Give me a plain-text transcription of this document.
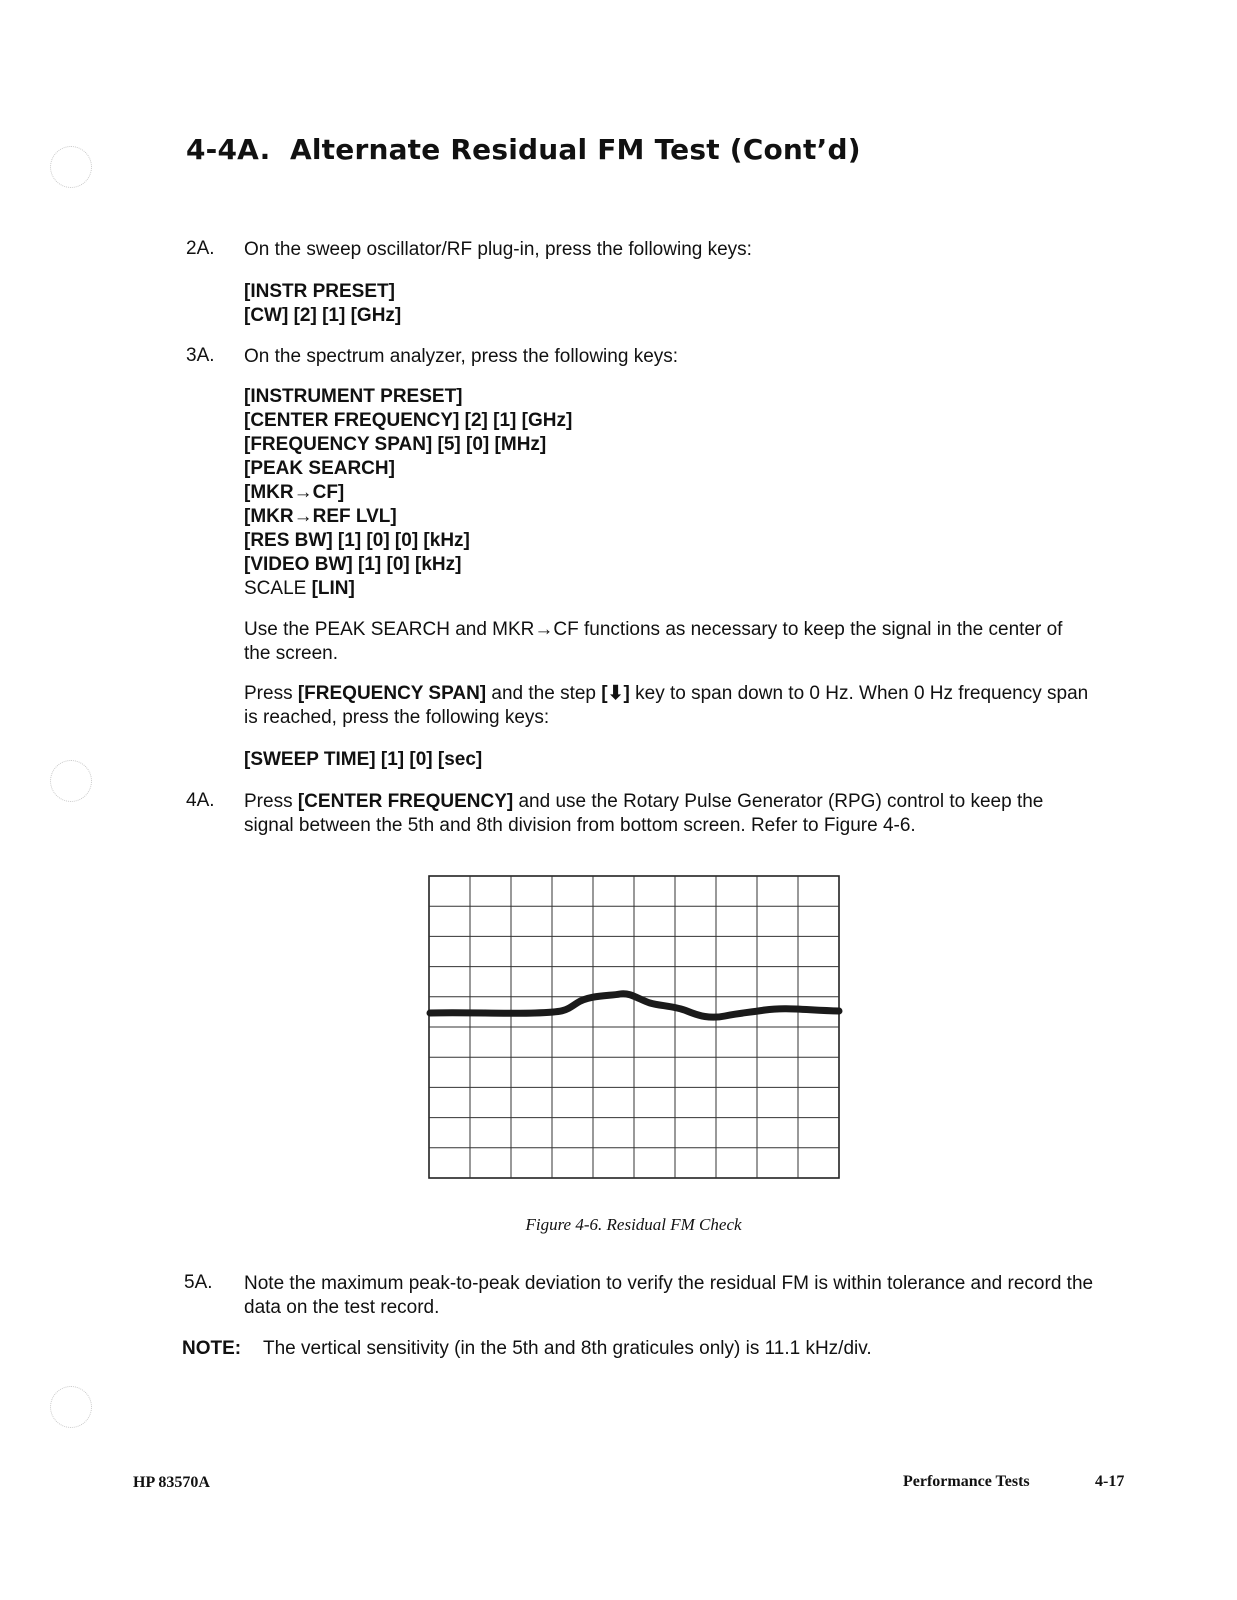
4-4A. Alternate Residual FM Test (Cont’d)
2A. On the sweep oscillator/RF plug-in, press the following keys:
[INSTR PRESET]
[CW] [2] [1] [GHz]
3A. On the spectrum analyzer, press the following keys:
[INSTRUMENT PRESET]
[CENTER FREQUENCY] [2] [1] [GHz]
[FREQUENCY SPAN] [5] [0] [MHz]
[PEAK SEARCH]
[MKR→CF]
[MKR→REF LVL]
[RES BW] [1] [0] [0] [kHz]
[VIDEO BW] [1] [0] [kHz]
SCALE [LIN]
Use the PEAK SEARCH and MKR→CF functions as necessary to keep the signal in the center of the screen.
Press [FREQUENCY SPAN] and the step [⬇] key to span down to 0 Hz. When 0 Hz frequency span is reached, press the following keys:
[SWEEP TIME] [1] [0] [sec]
4A. Press [CENTER FREQUENCY] and use the Rotary Pulse Generator (RPG) control to keep the signal between the 5th and 8th division from bottom screen. Refer to Figure 4-6.
Figure 4-6. Residual FM Check
5A. Note the maximum peak-to-peak deviation to verify the residual FM is within tolerance and record the data on the test record.
NOTE: The vertical sensitivity (in the 5th and 8th graticules only) is 11.1 kHz/div.
HP 83570A	Performance Tests	4-17
